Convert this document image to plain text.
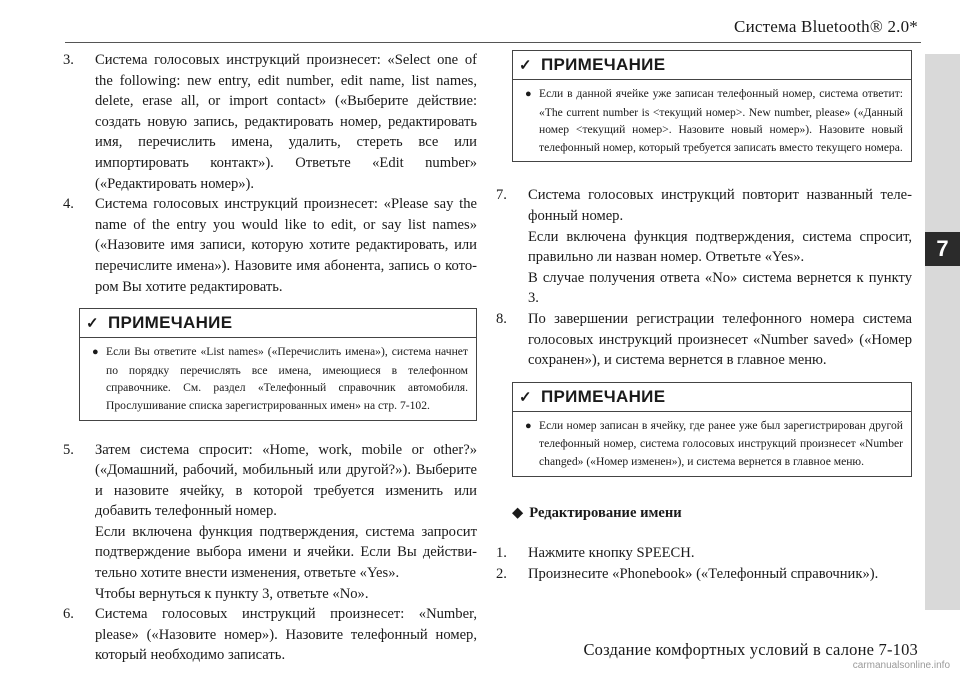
Система Bluetooth® 2.0*
7
3. Система голосовых инструкций произнесет: «Select one of the following: new entry, edit number, edit name, list names, delete, erase all, or import contact» («Выберите действие: создать новую запись, редактировать номер, редактировать имя, перечислить имена, удалить, стереть все или импортировать контакт»). Ответьте «Edit number» («Редактировать номер»).
4. Система голосовых инструкций произнесет: «Please say the name of the entry you would like to edit, or say list names» («Назовите имя записи, которую хотите редактировать, или перечислите имена»). Назовите имя абонента, запись о котором Вы хотите редактировать.
✓ ПРИМЕЧАНИЕ
● Если Вы ответите «List names» («Перечислить имена»), система начнет по порядку перечислять все имена, имеющиеся в телефонном справочнике. См. раздел «Телефонный справочник автомобиля. Прослушивание списка зарегистрированных имен» на стр. 7-102.
5. Затем система спросит: «Home, work, mobile or other?» («Домашний, рабочий, мобильный или другой?»). Выберите и назовите ячейку, в которой требуется изменить или добавить телефонный номер.
Если включена функция подтверждения, система запросит подтверждение выбора имени и ячейки. Если Вы действительно хотите внести изменения, ответьте «Yes».
Чтобы вернуться к пункту 3, ответьте «No».
6. Система голосовых инструкций произнесет: «Number, please» («Назовите номер»). Назовите телефонный номер, который необходимо записать.
✓ ПРИМЕЧАНИЕ
● Если в данной ячейке уже записан телефонный номер, система ответит: «The current number is <текущий номер>. New number, please» («Данный номер <текущий номер>. Назовите новый номер»). Назовите новый телефонный номер, который требуется записать вместо текущего номера.
7. Система голосовых инструкций повторит названный телефонный номер.
Если включена функция подтверждения, система спросит, правильно ли назван номер. Ответьте «Yes».
В случае получения ответа «No» система вернется к пункту 3.
8. По завершении регистрации телефонного номера система голосовых инструкций произнесет «Number saved» («Номер сохранен»), и система вернется в главное меню.
✓ ПРИМЕЧАНИЕ
● Если номер записан в ячейку, где ранее уже был зарегистрирован другой телефонный номер, система голосовых инструкций произнесет «Number changed» («Номер изменен»), и система вернется в главное меню.
◆ Редактирование имени
1. Нажмите кнопку SPEECH.
2. Произнесите «Phonebook» («Телефонный справочник»).
Создание комфортных условий в салоне 7-103
carmanualsonline.info
